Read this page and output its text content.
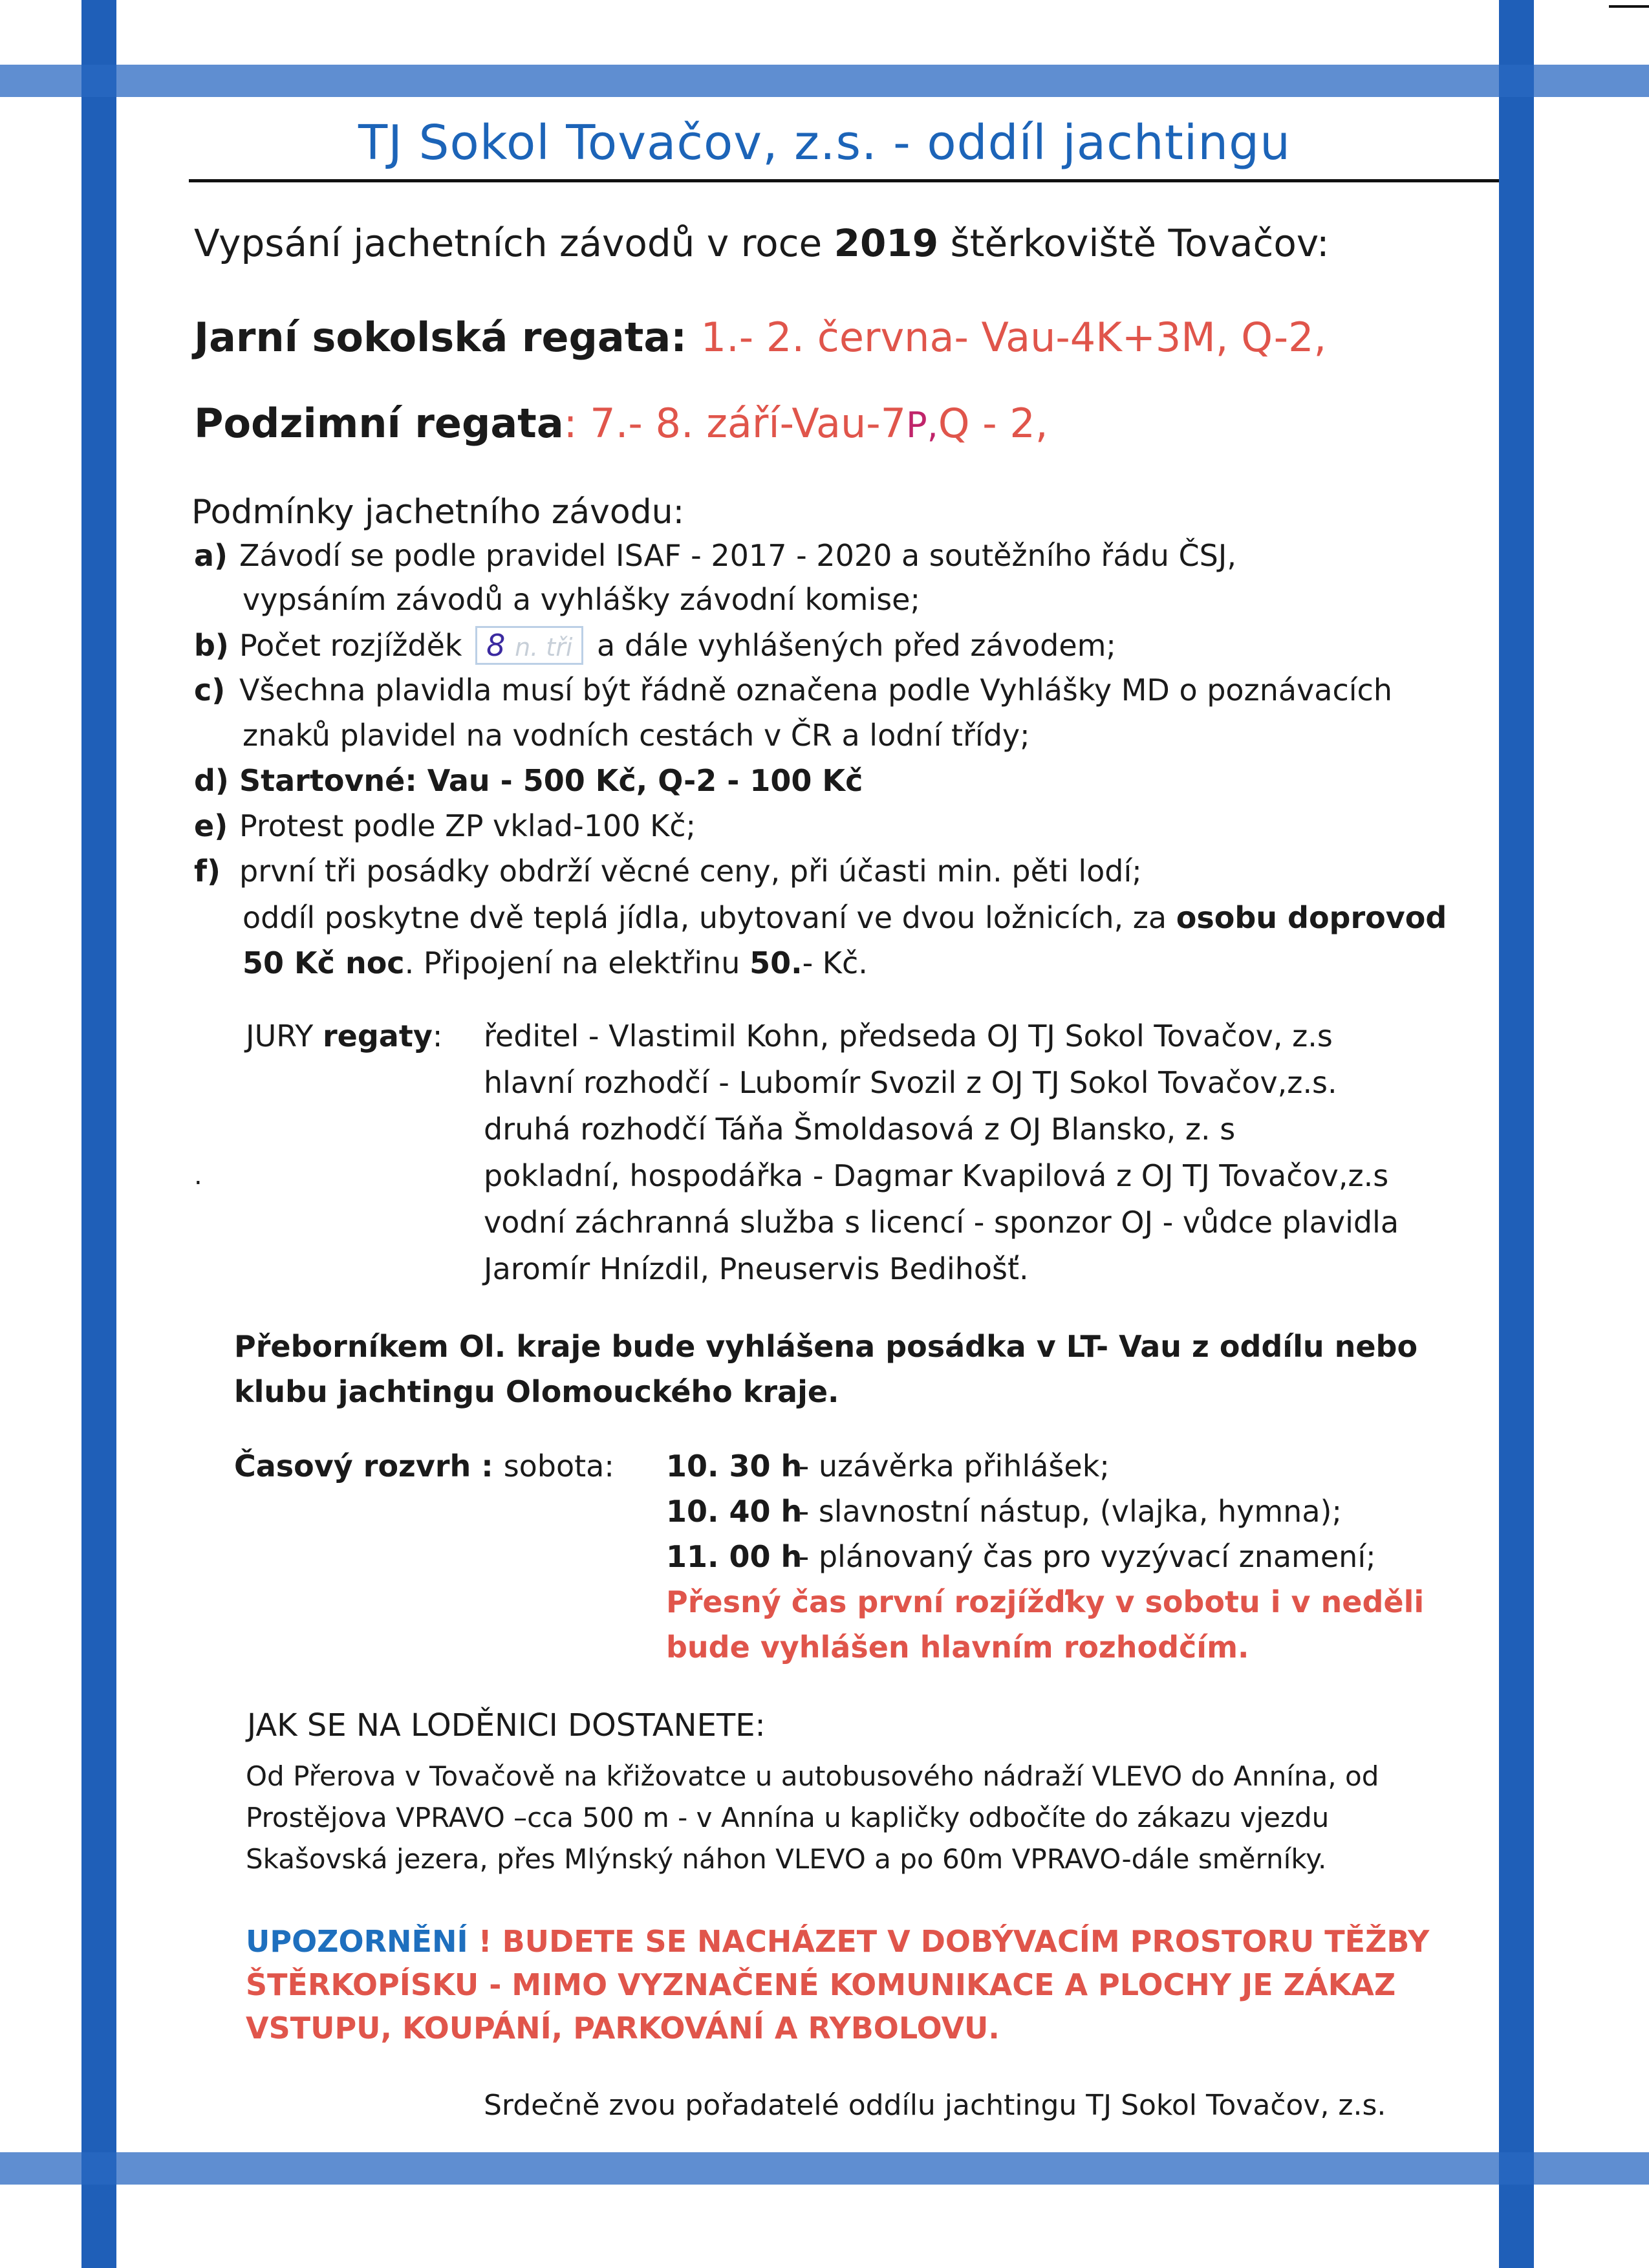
TJ Sokol Tovačov, z.s. - oddíl jachtingu
Vypsání jachetních závodů v roce 2019 štěrkoviště Tovačov:
Jarní sokolská regata: 1.- 2. června- Vau-4K+3M, Q-2,
Podzimní regata: 7.- 8. září-Vau-7P,Q - 2,
Podmínky jachetního závodu:
a) Závodí se podle pravidel ISAF - 2017 - 2020 a soutěžního řádu ČSJ,
vypsáním závodů a vyhlášky závodní komise;
b) Počet rozjížděk 8 n. tři a dále vyhlášených před závodem;
c) Všechna plavidla musí být řádně označena podle Vyhlášky MD o poznávacích
znaků plavidel na vodních cestách v ČR a lodní třídy;
d) Startovné: Vau - 500 Kč, Q-2 - 100 Kč
e) Protest podle ZP vklad-100 Kč;
f) první tři posádky obdrží věcné ceny, při účasti min. pěti lodí;
oddíl poskytne dvě teplá jídla, ubytovaní ve dvou ložnicích, za osobu doprovod
50 Kč noc. Připojení na elektřinu 50.- Kč.
JURY regaty: ředitel - Vlastimil Kohn, předseda OJ TJ Sokol Tovačov, z.s
hlavní rozhodčí - Lubomír Svozil z OJ TJ Sokol Tovačov,z.s.
druhá rozhodčí Táňa Šmoldasová z OJ Blansko, z. s
pokladní, hospodářka - Dagmar Kvapilová z OJ TJ Tovačov,z.s
vodní záchranná služba s licencí - sponzor OJ - vůdce plavidla
Jaromír Hnízdil, Pneuservis Bedihošť.
.
Přeborníkem Ol. kraje bude vyhlášena posádka v LT- Vau z oddílu nebo
klubu jachtingu Olomouckého kraje.
Časový rozvrh : sobota: 10. 30 h - uzávěrka přihlášek;
10. 40 h - slavnostní nástup, (vlajka, hymna);
11. 00 h - plánovaný čas pro vyzývací znamení;
Přesný čas první rozjížďky v sobotu i v neděli
bude vyhlášen hlavním rozhodčím.
JAK SE NA LODĚNICI DOSTANETE:
Od Přerova v Tovačově na křižovatce u autobusového nádraží VLEVO do Annína, od
Prostějova VPRAVO –cca 500 m - v Annína u kapličky odbočíte do zákazu vjezdu
Skašovská jezera, přes Mlýnský náhon VLEVO a po 60m VPRAVO-dále směrníky.
UPOZORNĚNÍ ! BUDETE SE NACHÁZET V DOBÝVACÍM PROSTORU TĚŽBY
ŠTĚRKOPÍSKU - MIMO VYZNAČENÉ KOMUNIKACE A PLOCHY JE ZÁKAZ
VSTUPU, KOUPÁNÍ, PARKOVÁNÍ A RYBOLOVU.
Srdečně zvou pořadatelé oddílu jachtingu TJ Sokol Tovačov, z.s.
